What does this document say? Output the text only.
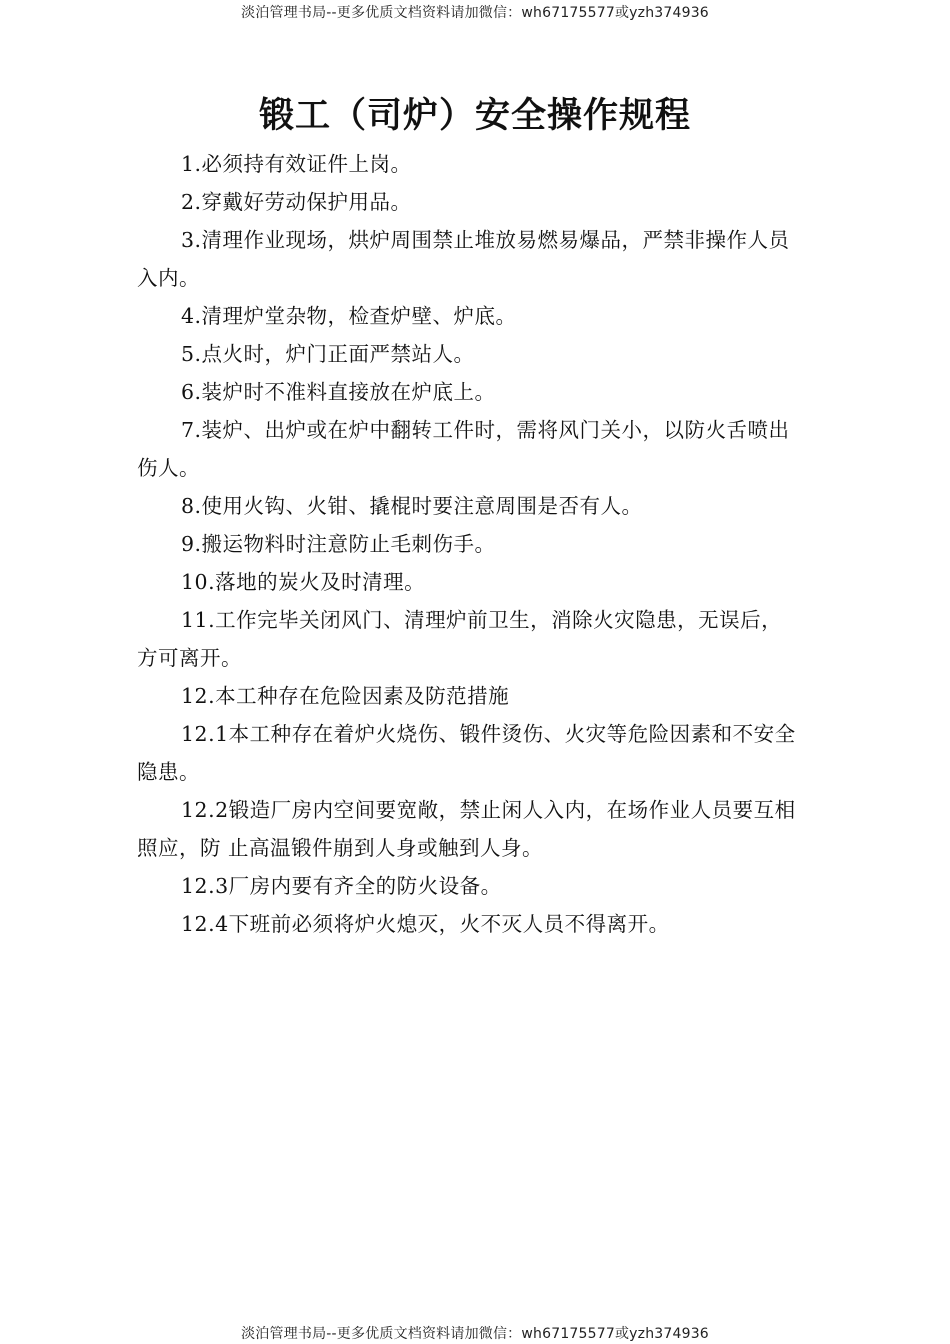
淡泊管理书局--更多优质文档资料请加微信：wh67175577或yzh374936
锻工（司炉）安全操作规程

1.必须持有效证件上岗。

2.穿戴好劳动保护用品。

3.清理作业现场，烘炉周围禁止堆放易燃易爆品，严禁非操作人员入内。

4.清理炉堂杂物，检查炉壁、炉底。

5.点火时，炉门正面严禁站人。

6.装炉时不准料直接放在炉底上。

7.装炉、出炉或在炉中翻转工件时，需将风门关小，以防火舌喷出伤人。

8.使用火钩、火钳、撬棍时要注意周围是否有人。

9.搬运物料时注意防止毛刺伤手。

10.落地的炭火及时清理。

11.工作完毕关闭风门、清理炉前卫生，消除火灾隐患，无误后，方可离开。

12.本工种存在危险因素及防范措施

12.1本工种存在着炉火烧伤、锻件烫伤、火灾等危险因素和不安全隐患。

12.2锻造厂房内空间要宽敞，禁止闲人入内，在场作业人员要互相照应，防 止高温锻件崩到人身或触到人身。

12.3厂房内要有齐全的防火设备。

12.4下班前必须将炉火熄灭，火不灭人员不得离开。

淡泊管理书局--更多优质文档资料请加微信：wh67175577或yzh374936
